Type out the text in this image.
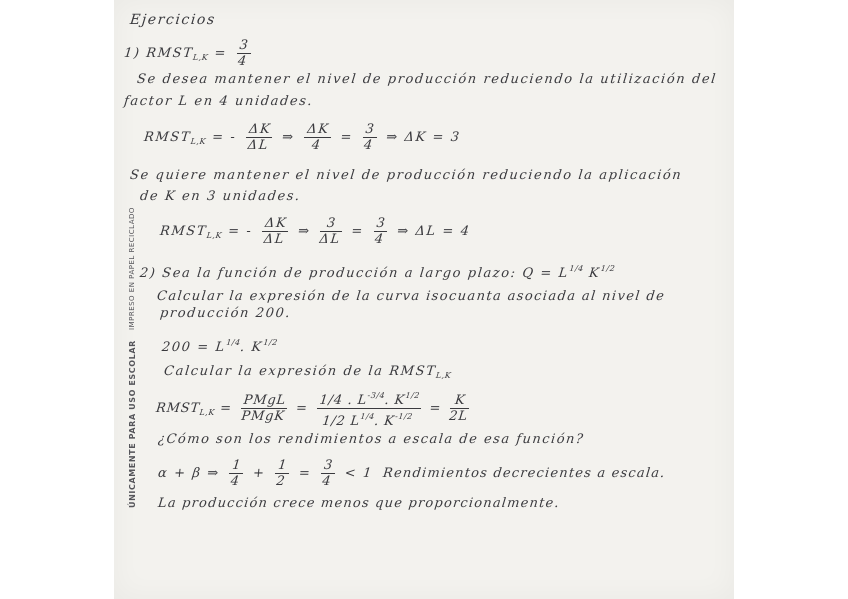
IMPRESO EN PAPEL RECICLADO
ÚNICAMENTE PARA USO ESCOLAR
Ejercicios
1) $RMST_{L,K} = \frac{3}{4}$
Se desea mantener el nivel de producción reduciendo la utilización del
factor L en 4 unidades.
$RMST_{L,K}$ = - $\frac{\Delta K}{\Delta L}$ ⇒ $\frac{\Delta K}{4} = \frac{3}{4}$ ⇒ ΔK = 3
Se quiere mantener el nivel de producción reduciendo la aplicación
de K en 3 unidades.
$RMST_{L,K}$ = - $\frac{\Delta K}{\Delta L}$ ⇒ $\frac{3}{\Delta L} = \frac{3}{4}$ ⇒ ΔL = 4
2) Sea la función de producción a largo plazo: $Q = L^{1/4}$ $K^{1/2}$
Calcular la expresión de la curva isocuanta asociada al nivel de
producción 200.
$200 = L^{1/4}$. $K^{1/2}$
Calcular la expresión de la $RMST_{L,K}$
$RMST_{L,K}$ =
PMgL
PMgK
= $\frac{1/4 . L^{-3/4}. K^{1/2}}{1/2 L^{1/4}. K^{-1/2}} = \frac{K}{2L}$
¿Cómo son los rendimientos a escala de esa función?
α + β ⇒ $\frac{1}{4} + \frac{1}{2} = \frac{3}{4} < 1$ Rendimientos decrecientes a escala.
La producción crece menos que proporcionalmente.
